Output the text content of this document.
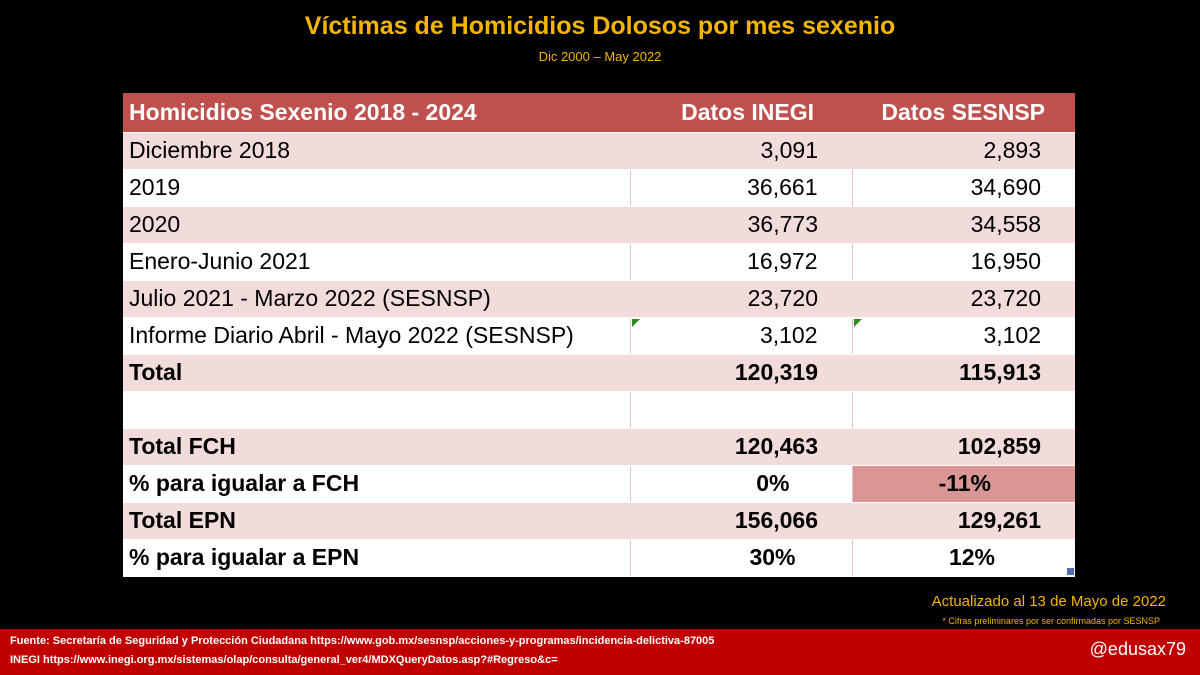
Víctimas de Homicidios Dolosos por mes sexenio
Dic 2000 – May 2022
Homicidios Sexenio 2018 - 2024	Datos INEGI	Datos SESNSP
Diciembre 2018	3,091	2,893
2019	36,661	34,690
2020	36,773	34,558
Enero-Junio 2021	16,972	16,950
Julio 2021 - Marzo 2022 (SESNSP)	23,720	23,720
Informe Diario Abril - Mayo 2022 (SESNSP)	3,102	3,102
Total	120,319	115,913

Total FCH	120,463	102,859
% para igualar a FCH	0%	-11%
Total EPN	156,066	129,261
% para igualar a EPN	30%	12%
Actualizado al 13 de Mayo de 2022
* Cifras preliminares por ser confirmadas por SESNSP
Fuente: Secretaría de Seguridad y Protección Ciudadana https://www.gob.mx/sesnsp/acciones-y-programas/incidencia-delictiva-87005
INEGI https://www.inegi.org.mx/sistemas/olap/consulta/general_ver4/MDXQueryDatos.asp?#Regreso&c=
@edusax79
